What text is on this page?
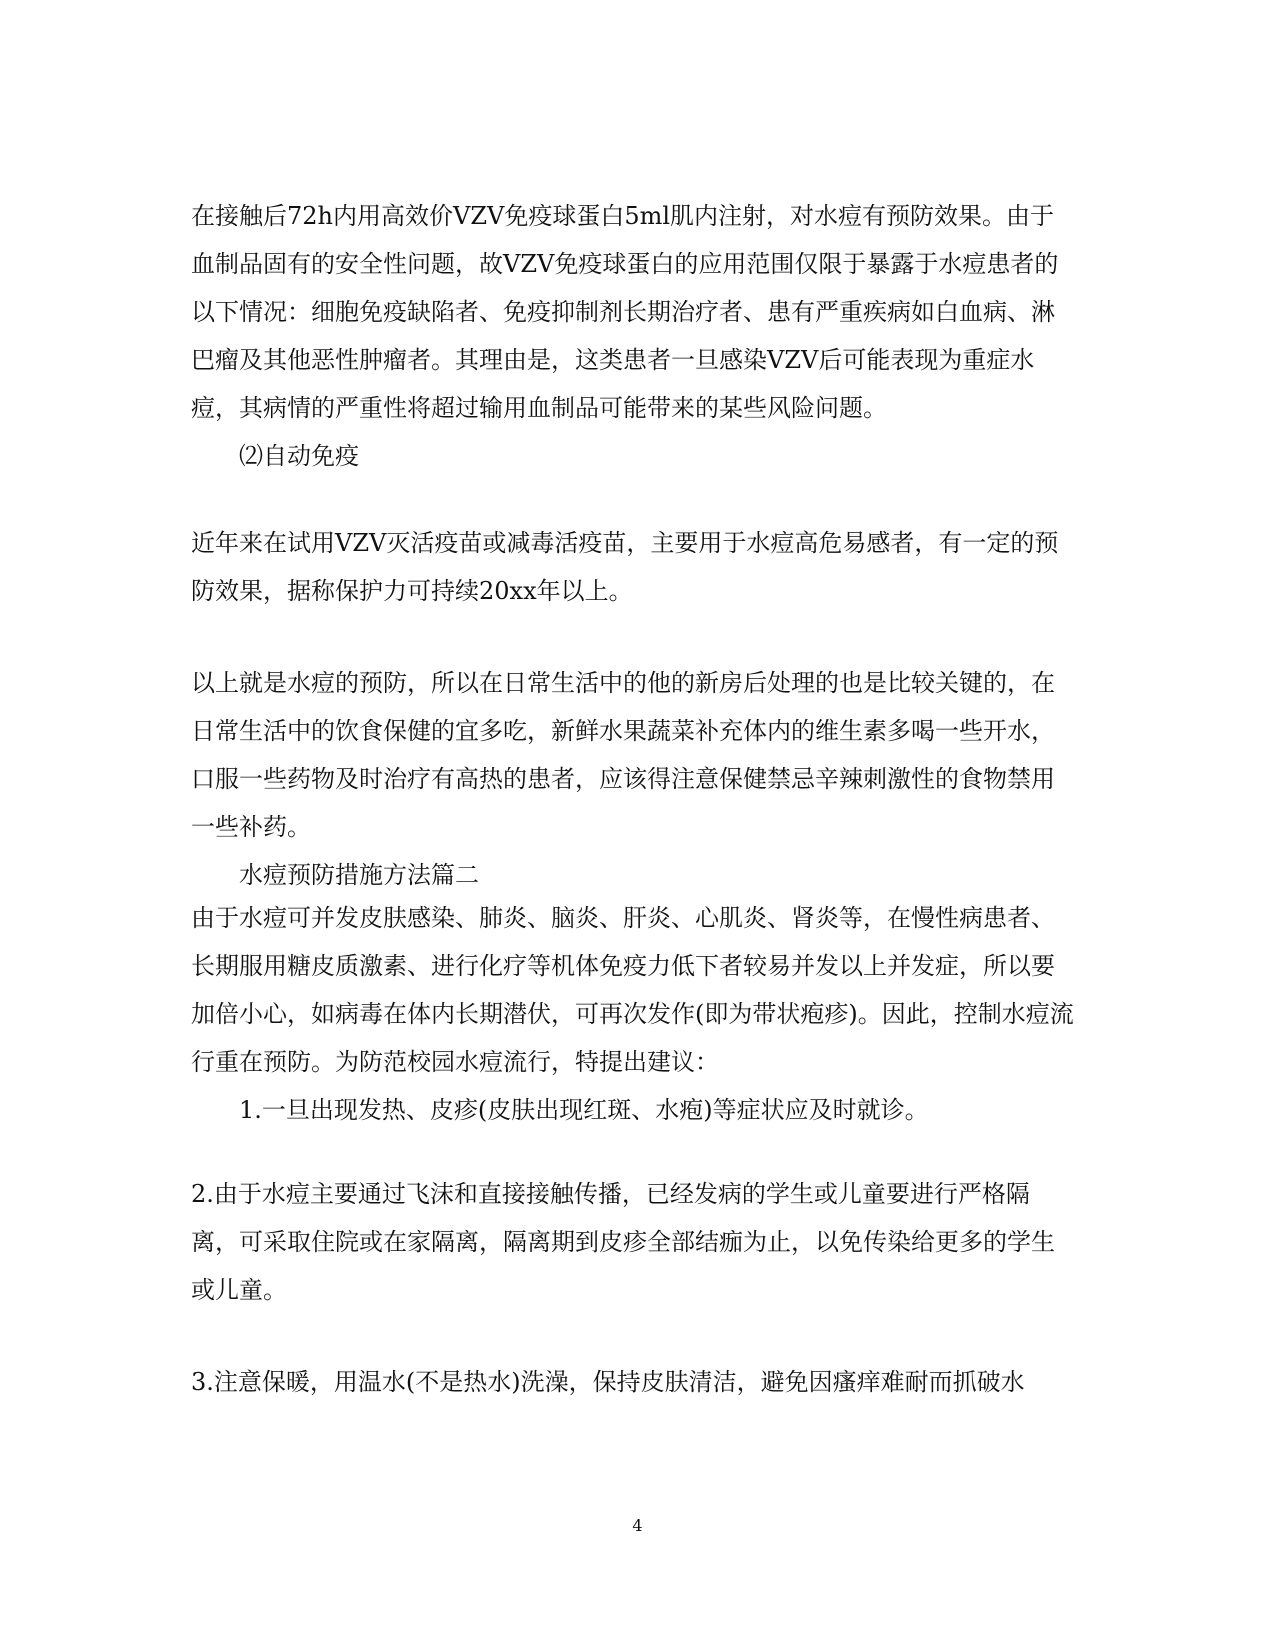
在接触后72h内用高效价VZV免疫球蛋白5ml肌内注射，对水痘有预防效果。由于血制品固有的安全性问题，故VZV免疫球蛋白的应用范围仅限于暴露于水痘患者的以下情况：细胞免疫缺陷者、免疫抑制剂长期治疗者、患有严重疾病如白血病、淋巴瘤及其他恶性肿瘤者。其理由是，这类患者一旦感染VZV后可能表现为重症水痘，其病情的严重性将超过输用血制品可能带来的某些风险问题。
⑵自动免疫
近年来在试用VZV灭活疫苗或减毒活疫苗，主要用于水痘高危易感者，有一定的预防效果，据称保护力可持续20xx年以上。
以上就是水痘的预防，所以在日常生活中的他的新房后处理的也是比较关键的，在日常生活中的饮食保健的宜多吃，新鲜水果蔬菜补充体内的维生素多喝一些开水，口服一些药物及时治疗有高热的患者，应该得注意保健禁忌辛辣刺激性的食物禁用一些补药。
水痘预防措施方法篇二
由于水痘可并发皮肤感染、肺炎、脑炎、肝炎、心肌炎、肾炎等，在慢性病患者、长期服用糖皮质激素、进行化疗等机体免疫力低下者较易并发以上并发症，所以要加倍小心，如病毒在体内长期潜伏，可再次发作(即为带状疱疹)。因此，控制水痘流行重在预防。为防范校园水痘流行，特提出建议：
1.一旦出现发热、皮疹(皮肤出现红斑、水疱)等症状应及时就诊。
2.由于水痘主要通过飞沫和直接接触传播，已经发病的学生或儿童要进行严格隔离，可采取住院或在家隔离，隔离期到皮疹全部结痂为止，以免传染给更多的学生或儿童。
3.注意保暖，用温水(不是热水)洗澡，保持皮肤清洁，避免因瘙痒难耐而抓破水
4
